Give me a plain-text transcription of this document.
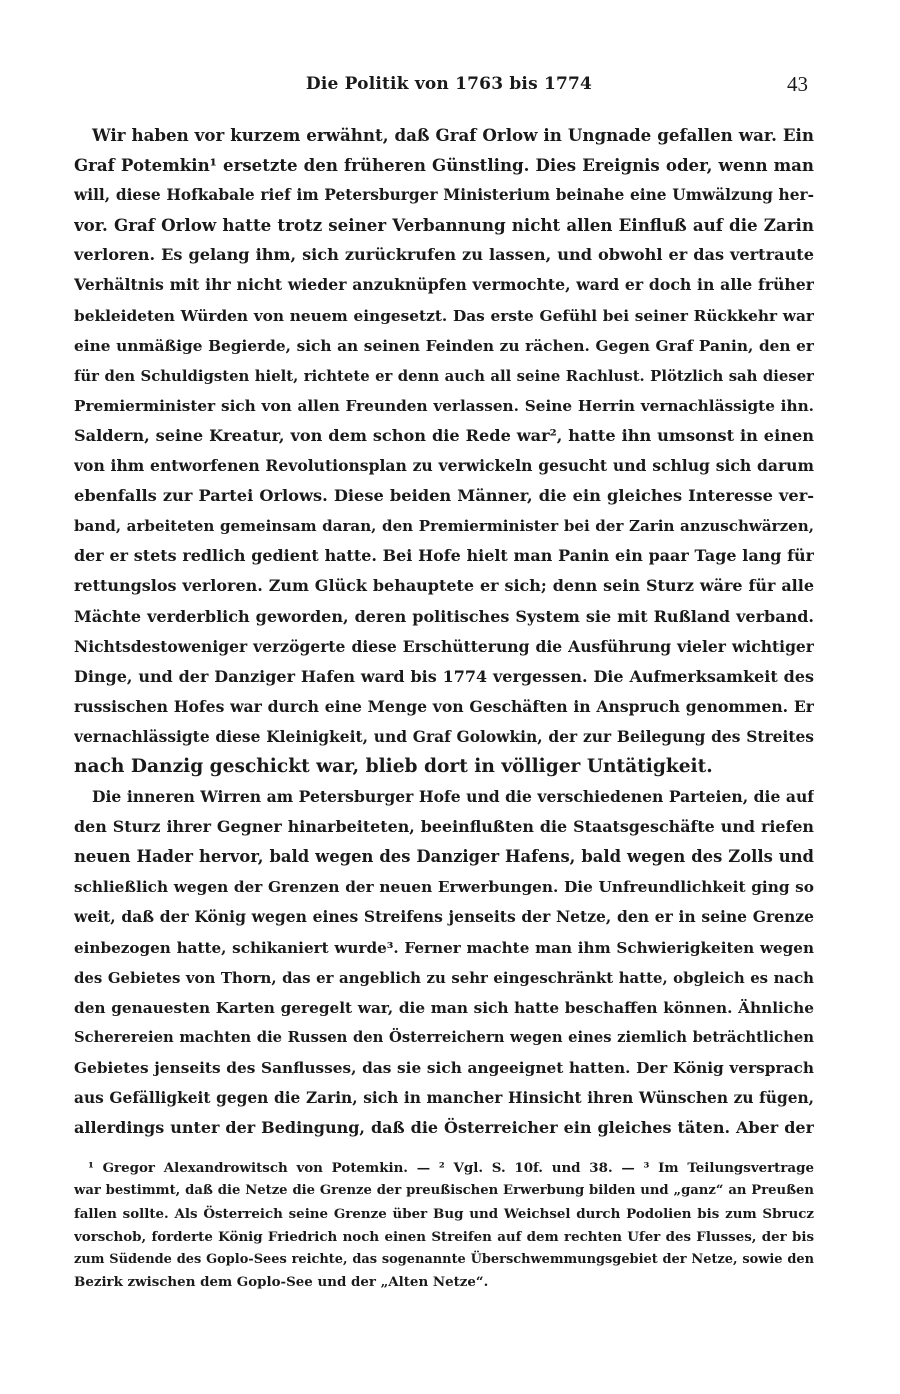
Die Politik von 1763 bis 1774	43
Wir haben vor kurzem erwähnt, daß Graf Orlow in Ungnade gefallen war. Ein
Graf Potemkin¹ ersetzte den früheren Günstling. Dies Ereignis oder, wenn man
will, diese Hofkabale rief im Petersburger Ministerium beinahe eine Umwälzung her-
vor. Graf Orlow hatte trotz seiner Verbannung nicht allen Einfluß auf die Zarin
verloren. Es gelang ihm, sich zurückrufen zu lassen, und obwohl er das vertraute
Verhältnis mit ihr nicht wieder anzuknüpfen vermochte, ward er doch in alle früher
bekleideten Würden von neuem eingesetzt. Das erste Gefühl bei seiner Rückkehr war
eine unmäßige Begierde, sich an seinen Feinden zu rächen. Gegen Graf Panin, den er
für den Schuldigsten hielt, richtete er denn auch all seine Rachlust. Plötzlich sah dieser
Premierminister sich von allen Freunden verlassen. Seine Herrin vernachlässigte ihn.
Saldern, seine Kreatur, von dem schon die Rede war², hatte ihn umsonst in einen
von ihm entworfenen Revolutionsplan zu verwickeln gesucht und schlug sich darum
ebenfalls zur Partei Orlows. Diese beiden Männer, die ein gleiches Interesse ver-
band, arbeiteten gemeinsam daran, den Premierminister bei der Zarin anzuschwärzen,
der er stets redlich gedient hatte. Bei Hofe hielt man Panin ein paar Tage lang für
rettungslos verloren. Zum Glück behauptete er sich; denn sein Sturz wäre für alle
Mächte verderblich geworden, deren politisches System sie mit Rußland verband.
Nichtsdestoweniger verzögerte diese Erschütterung die Ausführung vieler wichtiger
Dinge, und der Danziger Hafen ward bis 1774 vergessen. Die Aufmerksamkeit des
russischen Hofes war durch eine Menge von Geschäften in Anspruch genommen. Er
vernachlässigte diese Kleinigkeit, und Graf Golowkin, der zur Beilegung des Streites
nach Danzig geschickt war, blieb dort in völliger Untätigkeit.
Die inneren Wirren am Petersburger Hofe und die verschiedenen Parteien, die auf
den Sturz ihrer Gegner hinarbeiteten, beeinflußten die Staatsgeschäfte und riefen
neuen Hader hervor, bald wegen des Danziger Hafens, bald wegen des Zolls und
schließlich wegen der Grenzen der neuen Erwerbungen. Die Unfreundlichkeit ging so
weit, daß der König wegen eines Streifens jenseits der Netze, den er in seine Grenze
einbezogen hatte, schikaniert wurde³. Ferner machte man ihm Schwierigkeiten wegen
des Gebietes von Thorn, das er angeblich zu sehr eingeschränkt hatte, obgleich es nach
den genauesten Karten geregelt war, die man sich hatte beschaffen können. Ähnliche
Scherereien machten die Russen den Österreichern wegen eines ziemlich beträchtlichen
Gebietes jenseits des Sanflusses, das sie sich angeeignet hatten. Der König versprach
aus Gefälligkeit gegen die Zarin, sich in mancher Hinsicht ihren Wünschen zu fügen,
allerdings unter der Bedingung, daß die Österreicher ein gleiches täten. Aber der
¹ Gregor Alexandrowitsch von Potemkin. — ² Vgl. S. 10f. und 38. — ³ Im Teilungsvertrage
war bestimmt, daß die Netze die Grenze der preußischen Erwerbung bilden und „ganz“ an Preußen
fallen sollte. Als Österreich seine Grenze über Bug und Weichsel durch Podolien bis zum Sbrucz
vorschob, forderte König Friedrich noch einen Streifen auf dem rechten Ufer des Flusses, der bis
zum Südende des Goplo-Sees reichte, das sogenannte Überschwemmungsgebiet der Netze, sowie den
Bezirk zwischen dem Goplo-See und der „Alten Netze“.
